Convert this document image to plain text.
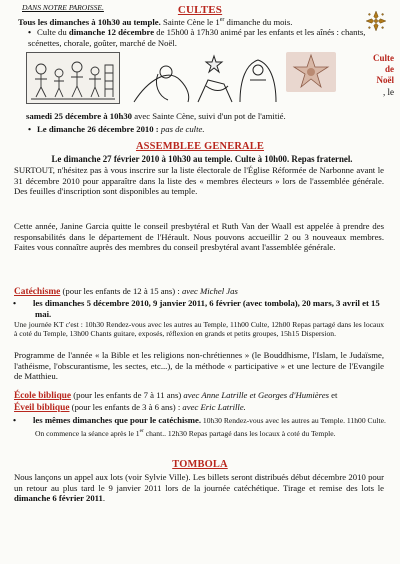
DANS NOTRE PAROISSE.	CULTES
Tous les dimanches à 10h30 au temple. Sainte Cène le 1er dimanche du mois.
• Culte du dimanche 12 décembre de 15h00 à 17h30 animé par les enfants et les aînés : chants, scénettes, chorale, goûter, marché de Noël.
Culte
de
Noël
, le
samedi 25 décembre à 10h30 avec Sainte Cène, suivi d'un pot de l'amitié.
• Le dimanche 26 décembre 2010 : pas de culte.
ASSEMBLEE GENERALE
Le dimanche 27 février 2010 à 10h30 au temple. Culte à 10h00. Repas fraternel.

SURTOUT, n'hésitez pas à vous inscrire sur la liste électorale de l'Église Réformée de Narbonne avant le 31 décembre 2010 pour apparaître dans la liste des « membres électeurs » lors de l'assemblée générale. Des feuilles d'inscription sont disponibles au temple.

Cette année, Janine Garcia quitte le conseil presbytéral et Ruth Van der Waall est appelée à prendre des responsabilités dans le département de l'Hérault. Nous pouvons accueillir 2 ou 3 nouveaux membres. Faites vous connaître auprès des membres du conseil presbytéral avant l'assemblée générale.

Catéchisme (pour les enfants de 12 à 15 ans) : avec Michel Jas
• les dimanches 5 décembre 2010, 9 janvier 2011, 6 février (avec tombola), 20 mars, 3 avril et 15 mai.

Une journée KT c'est : 10h30 Rendez-vous avec les autres au Temple, 11h00 Culte, 12h00 Repas partagé dans les locaux à coté du Temple, 13h00 Chants guitare, exposés, réflexion en grands et petits groupes, 15h15 Dispersion.

Programme de l'année « la Bible et les religions non-chrétiennes » (le Bouddhisme, l'Islam, le Judaïsme, l'athéisme, l'obscurantisme, les sectes, etc...), de la méthode « participative » et une lecture de l'Evangile de Matthieu.

École biblique (pour les enfants de 7 à 11 ans) avec Anne Latrille et Georges d'Humières et
Éveil biblique (pour les enfants de 3 à 6 ans) : avec Eric Latrille.
• les mêmes dimanches que pour le catéchisme. 10h30 Rendez-vous avec les autres au Temple. 11h00 Culte. On commence la séance après le 1er chant.. 12h30 Repas partagé dans les locaux à coté du Temple.
TOMBOLA

Nous lançons un appel aux lots (voir Sylvie Ville). Les billets seront distribués début décembre 2010 pour un retour au plus tard le 9 janvier 2011 lors de la journée catéchétique. Tirage et remise des lots le dimanche 6 février 2011.
